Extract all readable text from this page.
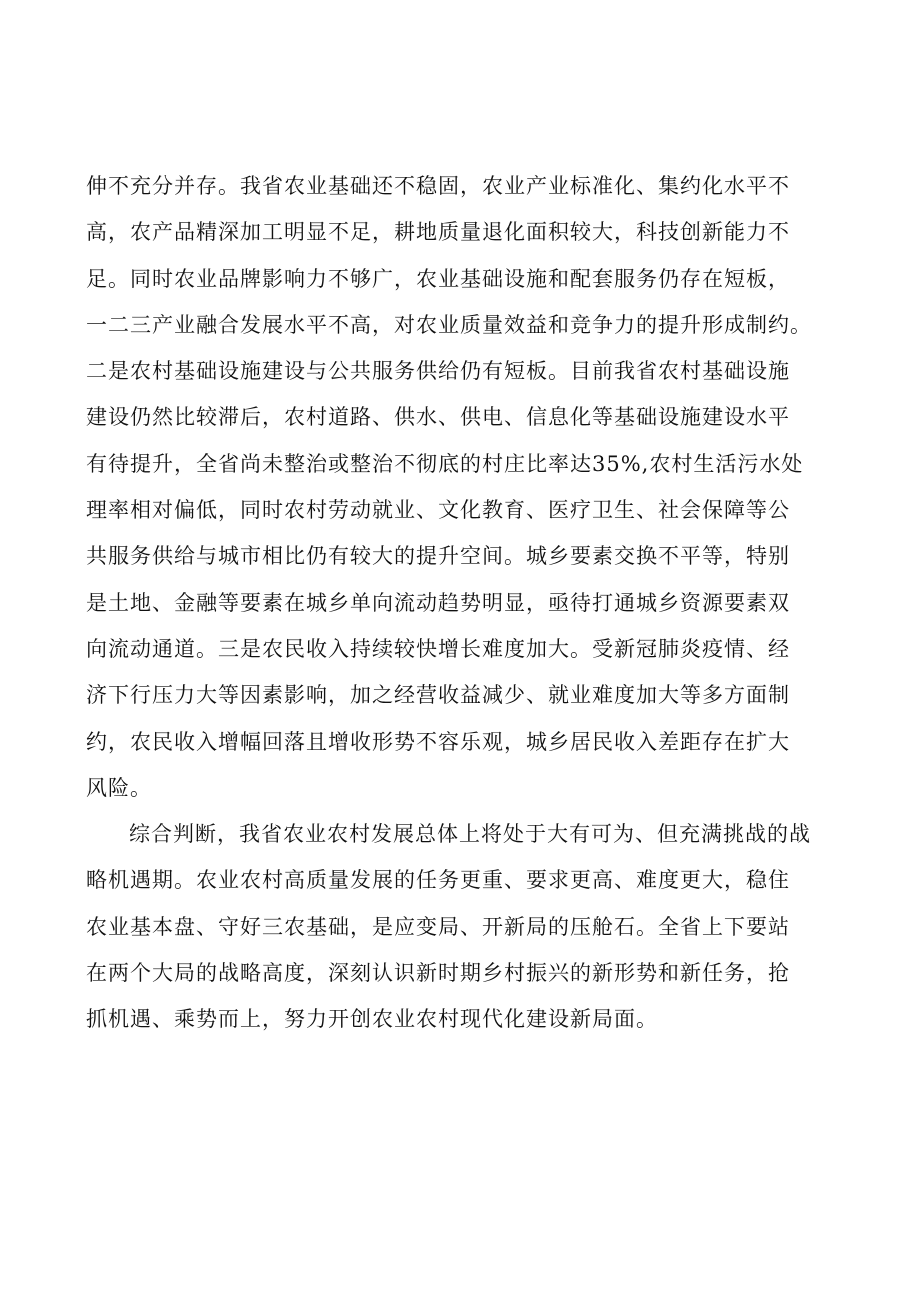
伸不充分并存。我省农业基础还不稳固，农业产业标准化、集约化水平不
高，农产品精深加工明显不足，耕地质量退化面积较大，科技创新能力不
足。同时农业品牌影响力不够广，农业基础设施和配套服务仍存在短板，
一二三产业融合发展水平不高，对农业质量效益和竞争力的提升形成制约。
二是农村基础设施建设与公共服务供给仍有短板。目前我省农村基础设施
建设仍然比较滞后，农村道路、供水、供电、信息化等基础设施建设水平
有待提升，全省尚未整治或整治不彻底的村庄比率达35%,农村生活污水处
理率相对偏低，同时农村劳动就业、文化教育、医疗卫生、社会保障等公
共服务供给与城市相比仍有较大的提升空间。城乡要素交换不平等，特别
是土地、金融等要素在城乡单向流动趋势明显，亟待打通城乡资源要素双
向流动通道。三是农民收入持续较快增长难度加大。受新冠肺炎疫情、经
济下行压力大等因素影响，加之经营收益减少、就业难度加大等多方面制
约，农民收入增幅回落且增收形势不容乐观，城乡居民收入差距存在扩大
风险。
综合判断，我省农业农村发展总体上将处于大有可为、但充满挑战的战
略机遇期。农业农村高质量发展的任务更重、要求更高、难度更大，稳住
农业基本盘、守好三农基础，是应变局、开新局的压舱石。全省上下要站
在两个大局的战略高度，深刻认识新时期乡村振兴的新形势和新任务，抢
抓机遇、乘势而上，努力开创农业农村现代化建设新局面。
